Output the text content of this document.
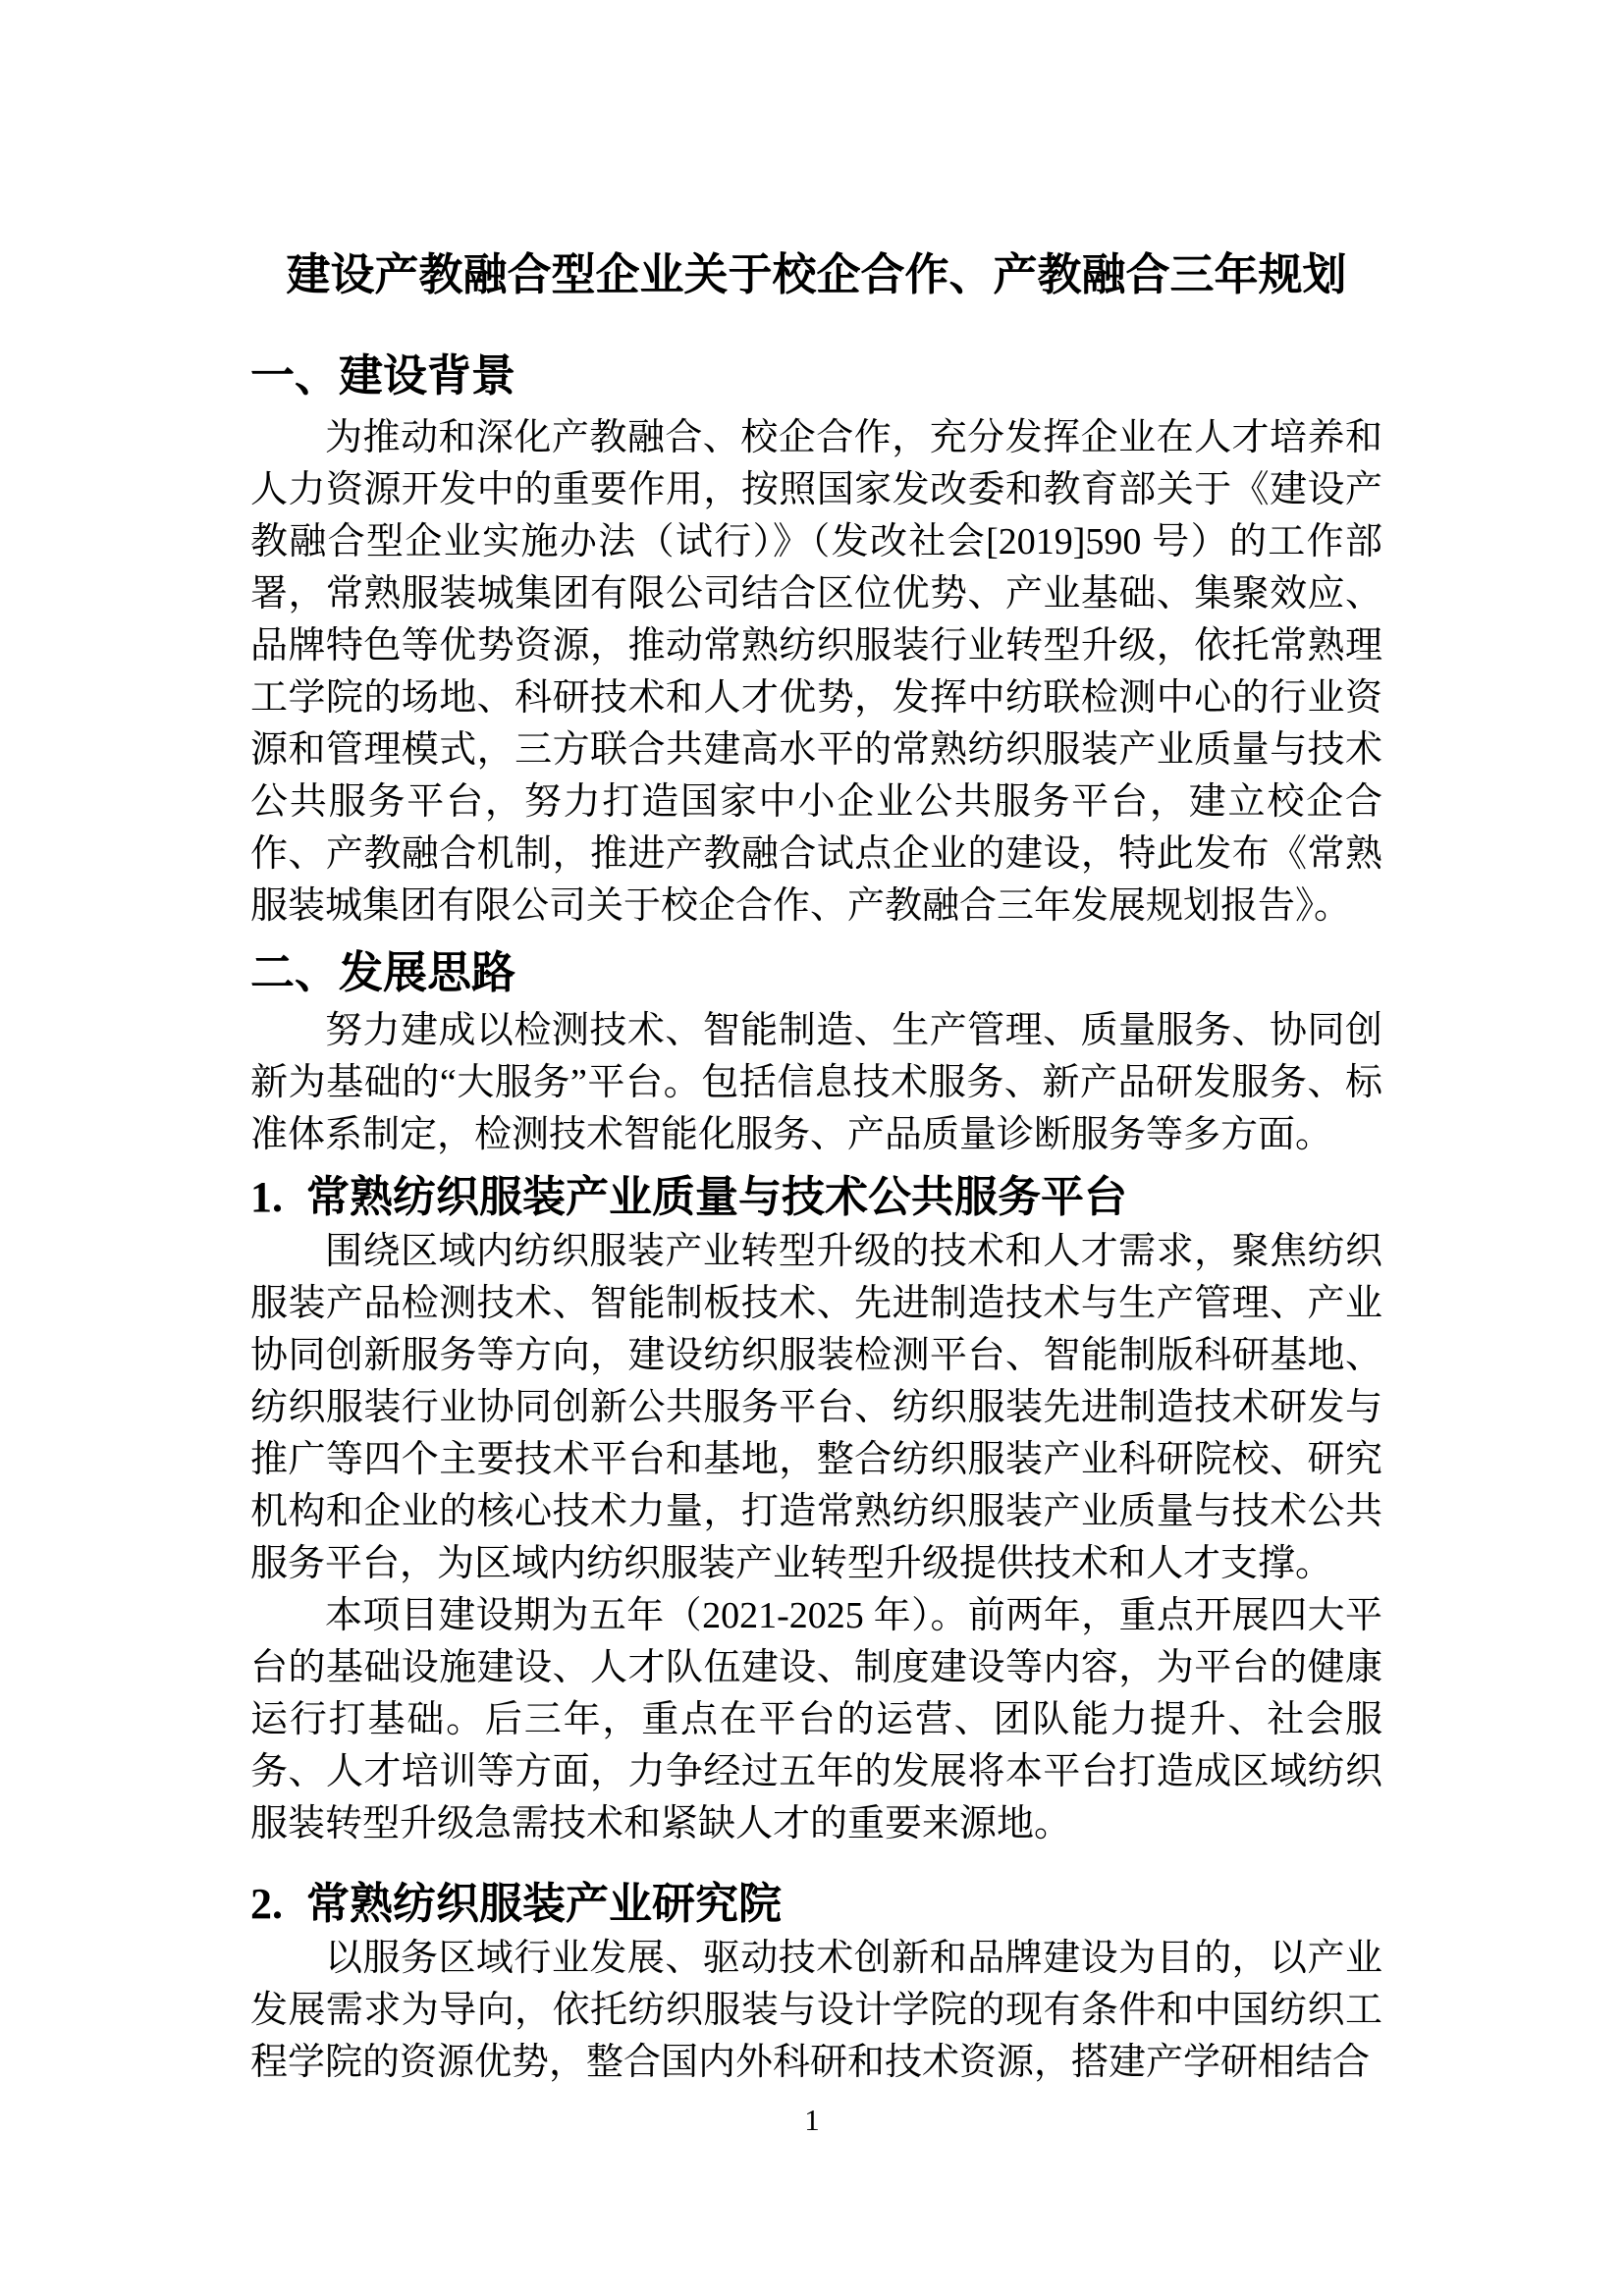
建设产教融合型企业关于校企合作、产教融合三年规划
一、建设背景

为推动和深化产教融合、校企合作，充分发挥企业在人才培养和人力资源开发中的重要作用，按照国家发改委和教育部关于《建设产教融合型企业实施办法（试行）》（发改社会[2019]590 号）的工作部署，常熟服装城集团有限公司结合区位优势、产业基础、集聚效应、品牌特色等优势资源，推动常熟纺织服装行业转型升级，依托常熟理工学院的场地、科研技术和人才优势，发挥中纺联检测中心的行业资源和管理模式，三方联合共建高水平的常熟纺织服装产业质量与技术公共服务平台，努力打造国家中小企业公共服务平台，建立校企合作、产教融合机制，推进产教融合试点企业的建设，特此发布《常熟服装城集团有限公司关于校企合作、产教融合三年发展规划报告》。

二、发展思路

努力建成以检测技术、智能制造、生产管理、质量服务、协同创新为基础的“大服务”平台。包括信息技术服务、新产品研发服务、标准体系制定，检测技术智能化服务、产品质量诊断服务等多方面。

1. 常熟纺织服装产业质量与技术公共服务平台

围绕区域内纺织服装产业转型升级的技术和人才需求，聚焦纺织服装产品检测技术、智能制板技术、先进制造技术与生产管理、产业协同创新服务等方向，建设纺织服装检测平台、智能制版科研基地、纺织服装行业协同创新公共服务平台、纺织服装先进制造技术研发与推广等四个主要技术平台和基地，整合纺织服装产业科研院校、研究机构和企业的核心技术力量，打造常熟纺织服装产业质量与技术公共服务平台，为区域内纺织服装产业转型升级提供技术和人才支撑。

本项目建设期为五年（2021-2025 年）。前两年，重点开展四大平台的基础设施建设、人才队伍建设、制度建设等内容，为平台的健康运行打基础。后三年，重点在平台的运营、团队能力提升、社会服务、人才培训等方面，力争经过五年的发展将本平台打造成区域纺织服装转型升级急需技术和紧缺人才的重要来源地。

2. 常熟纺织服装产业研究院

以服务区域行业发展、驱动技术创新和品牌建设为目的，以产业发展需求为导向，依托纺织服装与设计学院的现有条件和中国纺织工程学院的资源优势，整合国内外科研和技术资源，搭建产学研相结合

1
